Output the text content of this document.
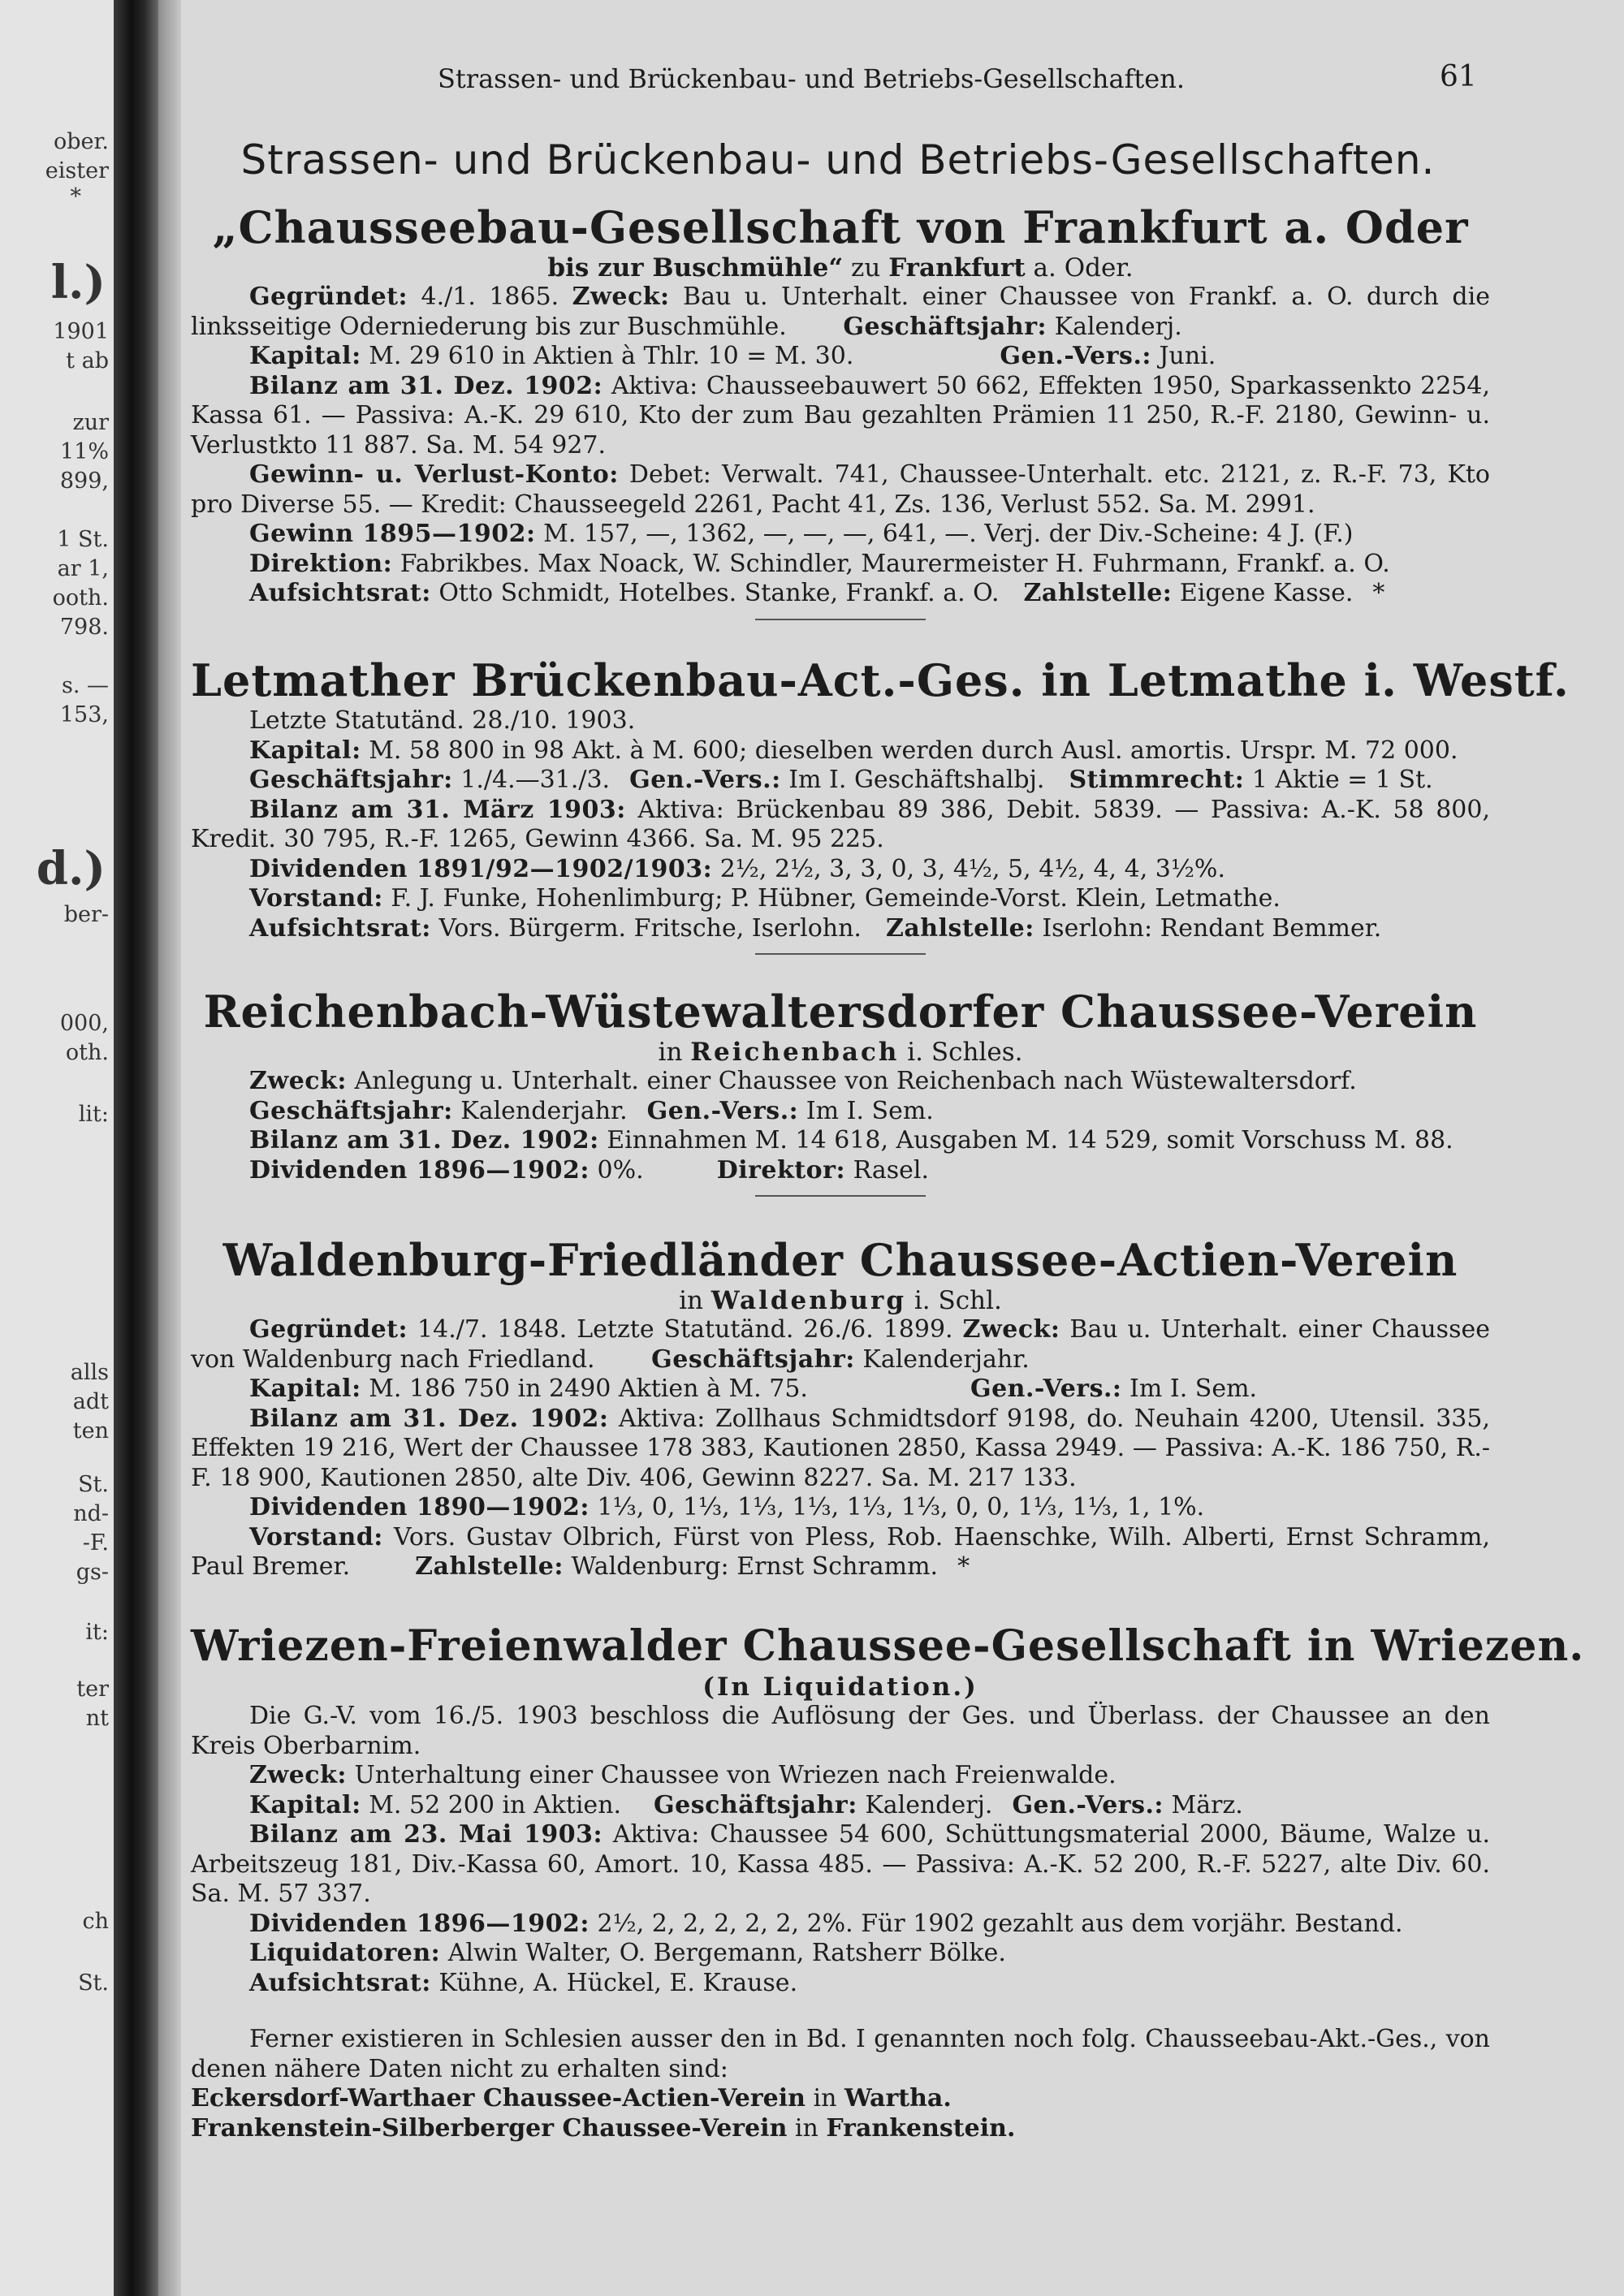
ober.
eister
*
l.)
1901
t ab
zur
11%
899,
1 St.
ar 1,
ooth.
798.
s. —
153,
d.)
ber-
000,
oth.
lit:
alls
adt
ten
St.
nd-
-F.
gs-
it:
ter
nt
ch
St.
Strassen- und Brückenbau- und Betriebs-Gesellschaften.	61
Strassen- und Brückenbau- und Betriebs-Gesellschaften.
„Chausseebau-Gesellschaft von Frankfurt a. Oder
bis zur Buschmühle“ zu Frankfurt a. Oder.
Gegründet: 4./1. 1865. Zweck: Bau u. Unterhalt. einer Chaussee von Frankf. a. O. durch die linksseitige Oderniederung bis zur Buschmühle. Geschäftsjahr: Kalenderj.
Kapital: M. 29 610 in Aktien à Thlr. 10 = M. 30.	Gen.-Vers.: Juni.
Bilanz am 31. Dez. 1902: Aktiva: Chausseebauwert 50 662, Effekten 1950, Sparkassenkto 2254, Kassa 61. — Passiva: A.-K. 29 610, Kto der zum Bau gezahlten Prämien 11 250, R.-F. 2180, Gewinn- u. Verlustkto 11 887. Sa. M. 54 927.
Gewinn- u. Verlust-Konto: Debet: Verwalt. 741, Chaussee-Unterhalt. etc. 2121, z. R.-F. 73, Kto pro Diverse 55. — Kredit: Chausseegeld 2261, Pacht 41, Zs. 136, Verlust 552. Sa. M. 2991.
Gewinn 1895—1902: M. 157, —, 1362, —, —, —, 641, —. Verj. der Div.-Scheine: 4 J. (F.)
Direktion: Fabrikbes. Max Noack, W. Schindler, Maurermeister H. Fuhrmann, Frankf. a. O.
Aufsichtsrat: Otto Schmidt, Hotelbes. Stanke, Frankf. a. O. Zahlstelle: Eigene Kasse. *
Letmather Brückenbau-Act.-Ges. in Letmathe i. Westf.
Letzte Statutänd. 28./10. 1903.
Kapital: M. 58 800 in 98 Akt. à M. 600; dieselben werden durch Ausl. amortis. Urspr. M. 72 000.
Geschäftsjahr: 1./4.—31./3. Gen.-Vers.: Im I. Geschäftshalbj. Stimmrecht: 1 Aktie = 1 St.
Bilanz am 31. März 1903: Aktiva: Brückenbau 89 386, Debit. 5839. — Passiva: A.-K. 58 800, Kredit. 30 795, R.-F. 1265, Gewinn 4366. Sa. M. 95 225.
Dividenden 1891/92—1902/1903: 2½, 2½, 3, 3, 0, 3, 4½, 5, 4½, 4, 4, 3½%.
Vorstand: F. J. Funke, Hohenlimburg; P. Hübner, Gemeinde-Vorst. Klein, Letmathe.
Aufsichtsrat: Vors. Bürgerm. Fritsche, Iserlohn. Zahlstelle: Iserlohn: Rendant Bemmer.
Reichenbach-Wüstewaltersdorfer Chaussee-Verein
in Reichenbach i. Schles.
Zweck: Anlegung u. Unterhalt. einer Chaussee von Reichenbach nach Wüstewaltersdorf.
Geschäftsjahr: Kalenderjahr. Gen.-Vers.: Im I. Sem.
Bilanz am 31. Dez. 1902: Einnahmen M. 14 618, Ausgaben M. 14 529, somit Vorschuss M. 88.
Dividenden 1896—1902: 0%.	Direktor: Rasel.
Waldenburg-Friedländer Chaussee-Actien-Verein
in Waldenburg i. Schl.
Gegründet: 14./7. 1848. Letzte Statutänd. 26./6. 1899. Zweck: Bau u. Unterhalt. einer Chaussee von Waldenburg nach Friedland. Geschäftsjahr: Kalenderjahr.
Kapital: M. 186 750 in 2490 Aktien à M. 75.	Gen.-Vers.: Im I. Sem.
Bilanz am 31. Dez. 1902: Aktiva: Zollhaus Schmidtsdorf 9198, do. Neuhain 4200, Utensil. 335, Effekten 19 216, Wert der Chaussee 178 383, Kautionen 2850, Kassa 2949. — Passiva: A.-K. 186 750, R.-F. 18 900, Kautionen 2850, alte Div. 406, Gewinn 8227. Sa. M. 217 133.
Dividenden 1890—1902: 1⅓, 0, 1⅓, 1⅓, 1⅓, 1⅓, 1⅓, 0, 0, 1⅓, 1⅓, 1, 1%.
Vorstand: Vors. Gustav Olbrich, Fürst von Pless, Rob. Haenschke, Wilh. Alberti, Ernst Schramm, Paul Bremer.	Zahlstelle: Waldenburg: Ernst Schramm. *
Wriezen-Freienwalder Chaussee-Gesellschaft in Wriezen.
(In Liquidation.)
Die G.-V. vom 16./5. 1903 beschloss die Auflösung der Ges. und Überlass. der Chaussee an den Kreis Oberbarnim.
Zweck: Unterhaltung einer Chaussee von Wriezen nach Freienwalde.
Kapital: M. 52 200 in Aktien. Geschäftsjahr: Kalenderj. Gen.-Vers.: März.
Bilanz am 23. Mai 1903: Aktiva: Chaussee 54 600, Schüttungsmaterial 2000, Bäume, Walze u. Arbeitszeug 181, Div.-Kassa 60, Amort. 10, Kassa 485. — Passiva: A.-K. 52 200, R.-F. 5227, alte Div. 60. Sa. M. 57 337.
Dividenden 1896—1902: 2½, 2, 2, 2, 2, 2, 2%. Für 1902 gezahlt aus dem vorjähr. Bestand.
Liquidatoren: Alwin Walter, O. Bergemann, Ratsherr Bölke.
Aufsichtsrat: Kühne, A. Hückel, E. Krause.
Ferner existieren in Schlesien ausser den in Bd. I genannten noch folg. Chausseebau-Akt.-Ges., von denen nähere Daten nicht zu erhalten sind:
Eckersdorf-Warthaer Chaussee-Actien-Verein in Wartha.
Frankenstein-Silberberger Chaussee-Verein in Frankenstein.
